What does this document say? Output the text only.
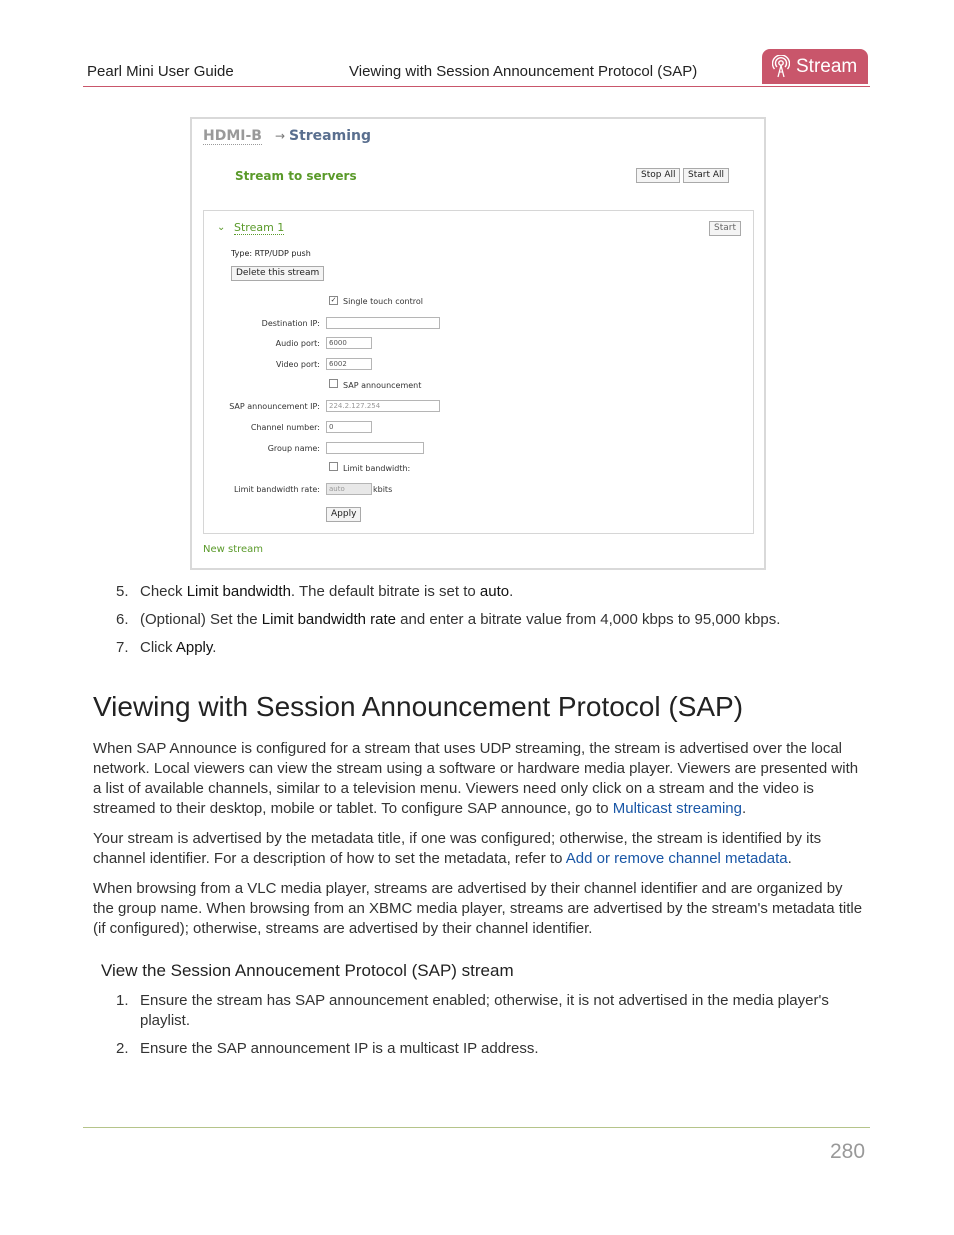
Pearl Mini User Guide	Viewing with Session Announcement Protocol (SAP)	Stream
HDMI-B → Streaming
Stream to servers	Stop All	Start All
⌄ Stream 1	Start
Type: RTP/UDP push
Delete this stream
✓ Single touch control
Destination IP:
Audio port:	6000
Video port:	6002
SAP announcement
SAP announcement IP:	224.2.127.254
Channel number:	0
Group name:
Limit bandwidth:
Limit bandwidth rate:	auto	kbits
Apply
New stream
5. Check Limit bandwidth. The default bitrate is set to auto.
6. (Optional) Set the Limit bandwidth rate and enter a bitrate value from 4,000 kbps to 95,000 kbps.
7. Click Apply.
Viewing with Session Announcement Protocol (SAP)
When SAP Announce is configured for a stream that uses UDP streaming, the stream is advertised over the local network. Local viewers can view the stream using a software or hardware media player. Viewers are presented with a list of available channels, similar to a television menu. Viewers need only click on a stream and the video is streamed to their desktop, mobile or tablet. To configure SAP announce, go to Multicast streaming.
Your stream is advertised by the metadata title, if one was configured; otherwise, the stream is identified by its channel identifier. For a description of how to set the metadata, refer to Add or remove channel metadata.
When browsing from a VLC media player, streams are advertised by their channel identifier and are organized by the group name. When browsing from an XBMC media player, streams are advertised by the stream's metadata title (if configured); otherwise, streams are advertised by their channel identifier.
View the Session Annoucement Protocol (SAP) stream
1. Ensure the stream has SAP announcement enabled; otherwise, it is not advertised in the media player's playlist.
2. Ensure the SAP announcement IP is a multicast IP address.
280
